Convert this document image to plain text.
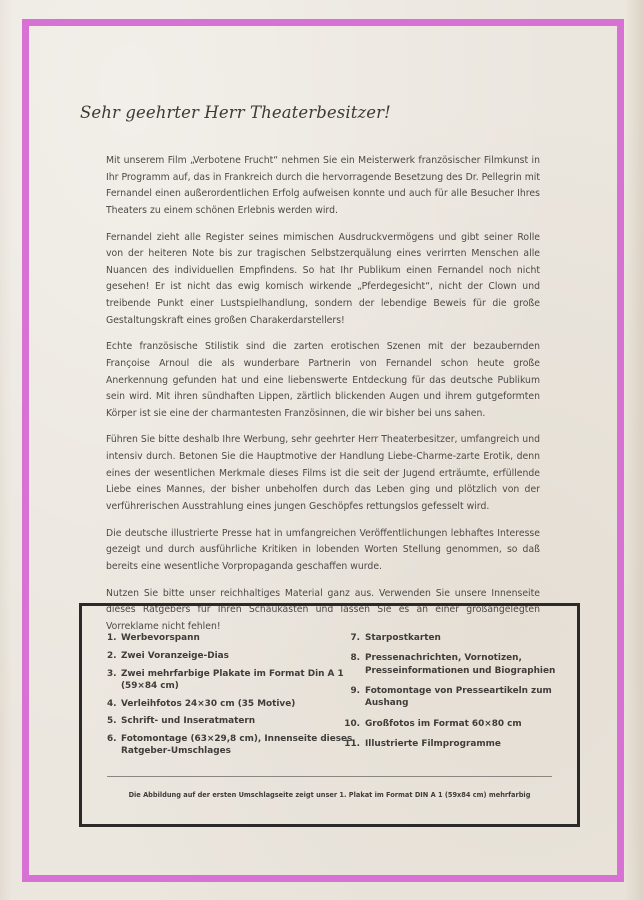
Sehr geehrter Herr Theaterbesitzer!

Mit unserem Film „Verbotene Frucht“ nehmen Sie ein Meisterwerk französischer Filmkunst in Ihr Programm auf, das in Frankreich durch die hervorragende Besetzung des Dr. Pellegrin mit Fernandel einen außerordentlichen Erfolg aufweisen konnte und auch für alle Besucher Ihres Theaters zu einem schönen Erlebnis werden wird.

Fernandel zieht alle Register seines mimischen Ausdruckvermögens und gibt seiner Rolle von der heiteren Note bis zur tragischen Selbstzerquälung eines verirrten Menschen alle Nuancen des individuellen Empfindens. So hat Ihr Publikum einen Fernandel noch nicht gesehen! Er ist nicht das ewig komisch wirkende „Pferdegesicht“, nicht der Clown und treibende Punkt einer Lustspielhandlung, sondern der lebendige Beweis für die große Gestaltungskraft eines großen Charakerdarstellers!

Echte französische Stilistik sind die zarten erotischen Szenen mit der bezaubernden Françoise Arnoul die als wunderbare Partnerin von Fernandel schon heute große Anerkennung gefunden hat und eine liebenswerte Entdeckung für das deutsche Publikum sein wird. Mit ihren sündhaften Lippen, zärtlich blickenden Augen und ihrem gutgeformten Körper ist sie eine der charmantesten Französinnen, die wir bisher bei uns sahen.

Führen Sie bitte deshalb Ihre Werbung, sehr geehrter Herr Theaterbesitzer, umfangreich und intensiv durch. Betonen Sie die Hauptmotive der Handlung Liebe-Charme-zarte Erotik, denn eines der wesentlichen Merkmale dieses Films ist die seit der Jugend erträumte, erfüllende Liebe eines Mannes, der bisher unbeholfen durch das Leben ging und plötzlich von der verführerischen Ausstrahlung eines jungen Geschöpfes rettungslos gefesselt wird.

Die deutsche illustrierte Presse hat in umfangreichen Veröffentlichungen lebhaftes Interesse gezeigt und durch ausführliche Kritiken in lobenden Worten Stellung genommen, so daß bereits eine wesentliche Vorpropaganda geschaffen wurde.

Nutzen Sie bitte unser reichhaltiges Material ganz aus. Verwenden Sie unsere Innenseite dieses Ratgebers für Ihren Schaukasten und lassen Sie es an einer großangelegten Vorreklame nicht fehlen!

1. Werbevorspann
2. Zwei Voranzeige-Dias
3. Zwei mehrfarbige Plakate im Format Din A 1 (59×84 cm)
4. Verleihfotos 24×30 cm (35 Motive)
5. Schrift- und Inseratmatern
6. Fotomontage (63×29,8 cm), Innenseite dieses Ratgeber-Umschlages
7. Starpostkarten
8. Pressenachrichten, Vornotizen, Presseinformationen und Biographien
9. Fotomontage von Presseartikeln zum Aushang
10. Großfotos im Format 60×80 cm
11. Illustrierte Filmprogramme
Die Abbildung auf der ersten Umschlagseite zeigt unser 1. Plakat im Format DIN A 1 (59x84 cm) mehrfarbig
